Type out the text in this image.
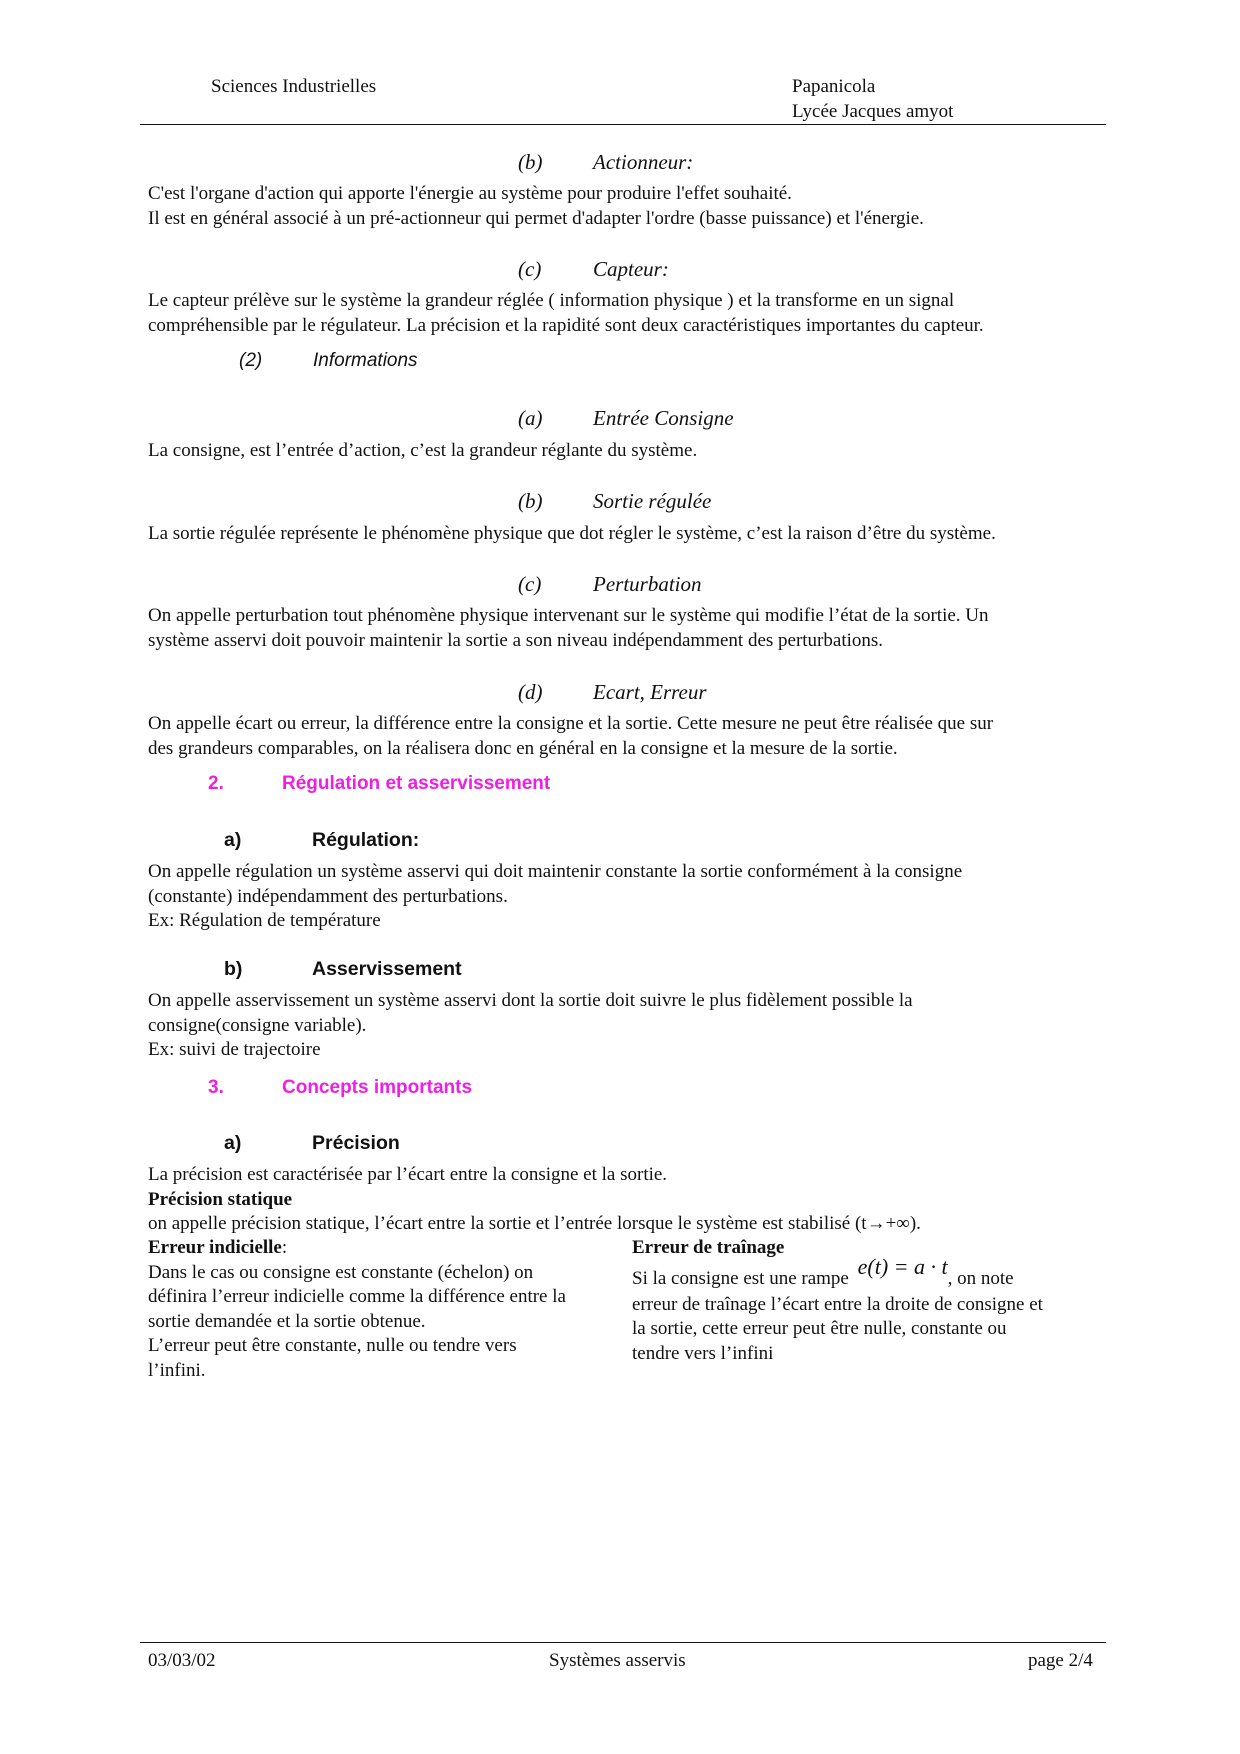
Sciences Industrielles	Papanicola
Lycée Jacques amyot
(b) Actionneur:
C'est l'organe d'action qui apporte l'énergie au système pour produire l'effet souhaité.
Il est en général associé à un pré-actionneur qui permet d'adapter l'ordre (basse puissance) et l'énergie.
(c) Capteur:
Le capteur prélève sur le système la grandeur réglée ( information physique ) et la transforme en un signal
compréhensible par le régulateur. La précision et la rapidité sont deux caractéristiques importantes du capteur.
(2)	Informations
(a) Entrée Consigne
La consigne, est l’entrée d’action, c’est la grandeur réglante du système.
(b) Sortie régulée
La sortie régulée représente le phénomène physique que dot régler le système, c’est la raison d’être du système.
(c) Perturbation
On appelle perturbation tout phénomène physique intervenant sur le système qui modifie l’état de la sortie. Un
système asservi doit pouvoir maintenir la sortie a son niveau indépendamment des perturbations.
(d) Ecart, Erreur
On appelle écart ou erreur, la différence entre la consigne et la sortie. Cette mesure ne peut être réalisée que sur
des grandeurs comparables, on la réalisera donc en général en la consigne et la mesure de la sortie.
2.	Régulation et asservissement
a)	Régulation:
On appelle régulation un système asservi qui doit maintenir constante la sortie conformément à la consigne
(constante) indépendamment des perturbations.
Ex: Régulation de température
b)	Asservissement
On appelle asservissement un système asservi dont la sortie doit suivre le plus fidèlement possible la
consigne(consigne variable).
Ex: suivi de trajectoire
3.	Concepts importants
a)	Précision
La précision est caractérisée par l’écart entre la consigne et la sortie.
Précision statique
on appelle précision statique, l’écart entre la sortie et l’entrée lorsque le système est stabilisé (t→+∞).
Erreur indicielle:
Dans le cas ou consigne est constante (échelon) on
définira l’erreur indicielle comme la différence entre la
sortie demandée et la sortie obtenue.
L’erreur peut être constante, nulle ou tendre vers
l’infini.
Erreur de traînage
Si la consigne est une rampe e(t) = a · t, on note
erreur de traînage l’écart entre la droite de consigne et
la sortie, cette erreur peut être nulle, constante ou
tendre vers l’infini
03/03/02	Systèmes asservis	page 2/4
